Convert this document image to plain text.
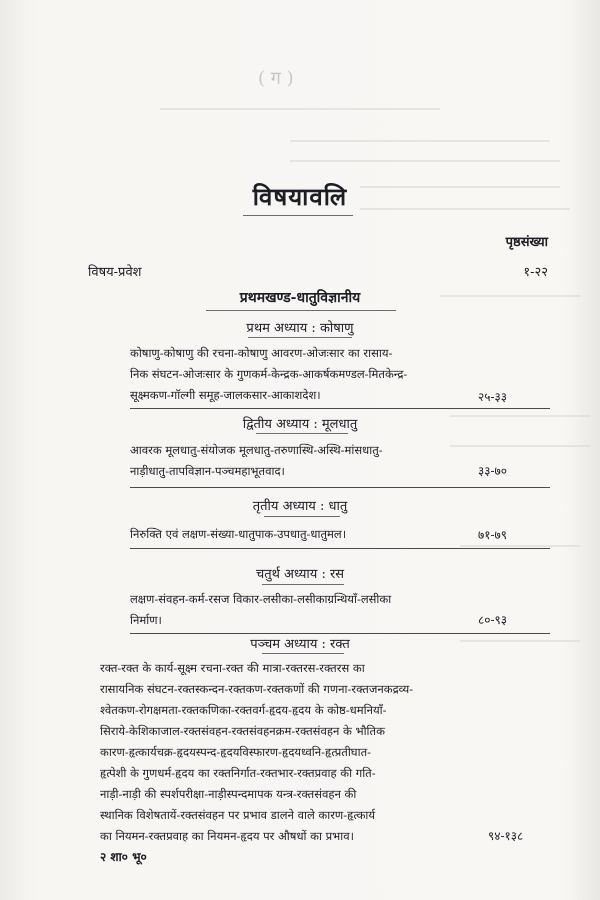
( ग )
विषयावलि
पृष्ठसंख्या
विषय-प्रवेश	१-२२
प्रथमखण्ड-धातुविज्ञानीय
प्रथम अध्याय : कोषाणु

कोषाणु-कोषाणु की रचना-कोषाणु आवरण-ओजःसार का रासाय-

निक संघटन-ओजःसार के गुणकर्म-केन्द्रक-आकर्षकमण्डल-मितकेन्द्र-

सूक्ष्मकण-गॉल्गी समूह-जालकसार-आकाशदेश।	२५-३३
द्वितीय अध्याय : मूलधातु

आवरक मूलधातु-संयोजक मूलधातु-तरुणास्थि-अस्थि-मांसधातु-

नाड़ीधातु-तापविज्ञान-पञ्चमहाभूतवाद।	३३-७०
तृतीय अध्याय : धातु

निरुक्ति एवं लक्षण-संख्या-धातुपाक-उपधातु-धातुमल।	७१-७९
चतुर्थ अध्याय : रस

लक्षण-संवहन-कर्म-रसज विकार-लसीका-लसीकाग्रन्थियाँ-लसीका

निर्माण।	८०-९३
पञ्चम अध्याय : रक्त

रक्त-रक्त के कार्य-सूक्ष्म रचना-रक्त की मात्रा-रक्तरस-रक्तरस का

रासायनिक संघटन-रक्तस्कन्दन-रक्तकण-रक्तकणों की गणना-रक्तजनकद्रव्य-

श्वेतकण-रोगक्षमता-रक्तकणिका-रक्तवर्ग-हृदय-हृदय के कोष्ठ-धमनियाँ-

सिराये-केशिकाजाल-रक्तसंवहन-रक्तसंवहनक्रम-रक्तसंवहन के भौतिक

कारण-हृत्कार्यचक्र-हृदयस्पन्द-हृदयविस्फारण-हृदयध्वनि-हृत्प्रतीघात-

हृत्पेशी के गुणधर्म-हृदय का रक्तनिर्गात-रक्तभार-रक्तप्रवाह की गति-

नाड़ी-नाड़ी की स्पर्शपरीक्षा-नाड़ीस्पन्दमापक यन्त्र-रक्तसंवहन की

स्थानिक विशेषतायें-रक्तसंवहन पर प्रभाव डालने वाले कारण-हृत्कार्य

का नियमन-रक्तप्रवाह का नियमन-हृदय पर औषधों का प्रभाव।	९४-१३८
२ शा० भू०
